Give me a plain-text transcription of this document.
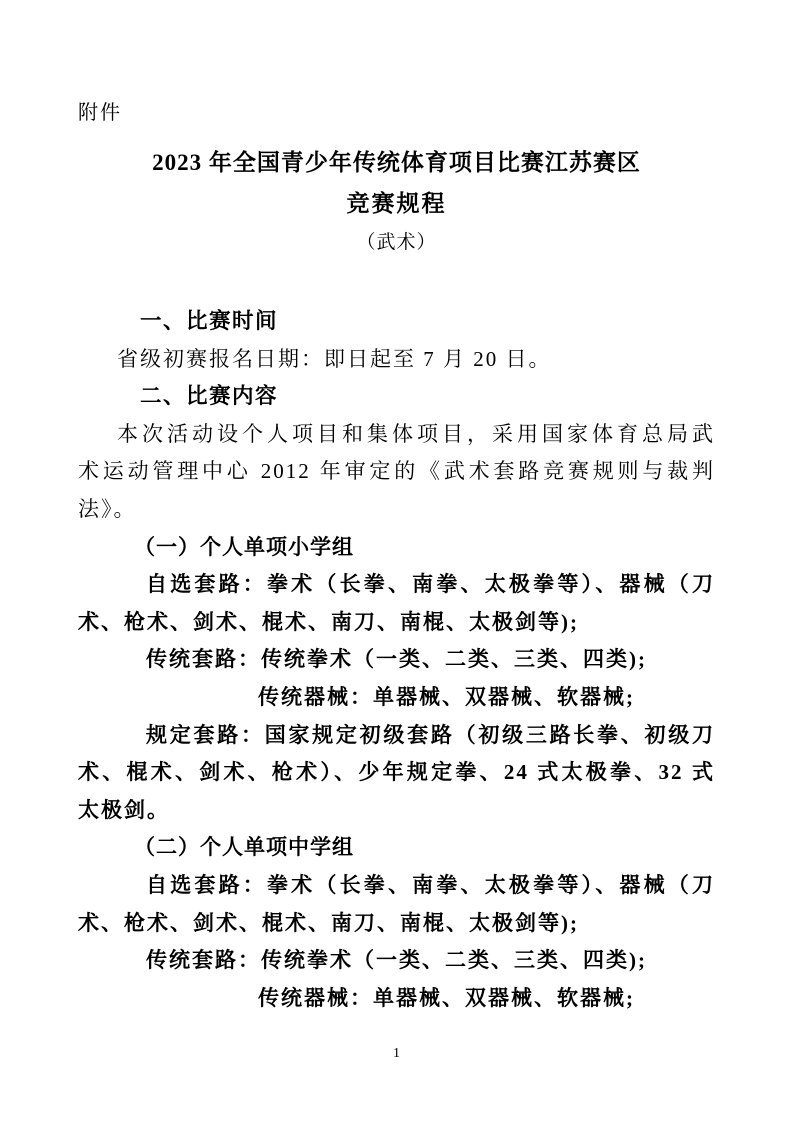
附件
2023 年全国青少年传统体育项目比赛江苏赛区
竞赛规程
（武术）
一、比赛时间
省级初赛报名日期：即日起至 7 月 20 日。
二、比赛内容
本次活动设个人项目和集体项目，采用国家体育总局武
术运动管理中心 2012 年审定的《武术套路竞赛规则与裁判
法》。
（一）个人单项小学组
自选套路：拳术（长拳、南拳、太极拳等）、器械（刀
术、枪术、剑术、棍术、南刀、南棍、太极剑等);
传统套路：传统拳术（一类、二类、三类、四类);
传统器械：单器械、双器械、软器械;
规定套路：国家规定初级套路（初级三路长拳、初级刀
术、棍术、剑术、枪术）、少年规定拳、24 式太极拳、32 式
太极剑。
（二）个人单项中学组
自选套路：拳术（长拳、南拳、太极拳等）、器械（刀
术、枪术、剑术、棍术、南刀、南棍、太极剑等);
传统套路：传统拳术（一类、二类、三类、四类);
传统器械：单器械、双器械、软器械;
1
